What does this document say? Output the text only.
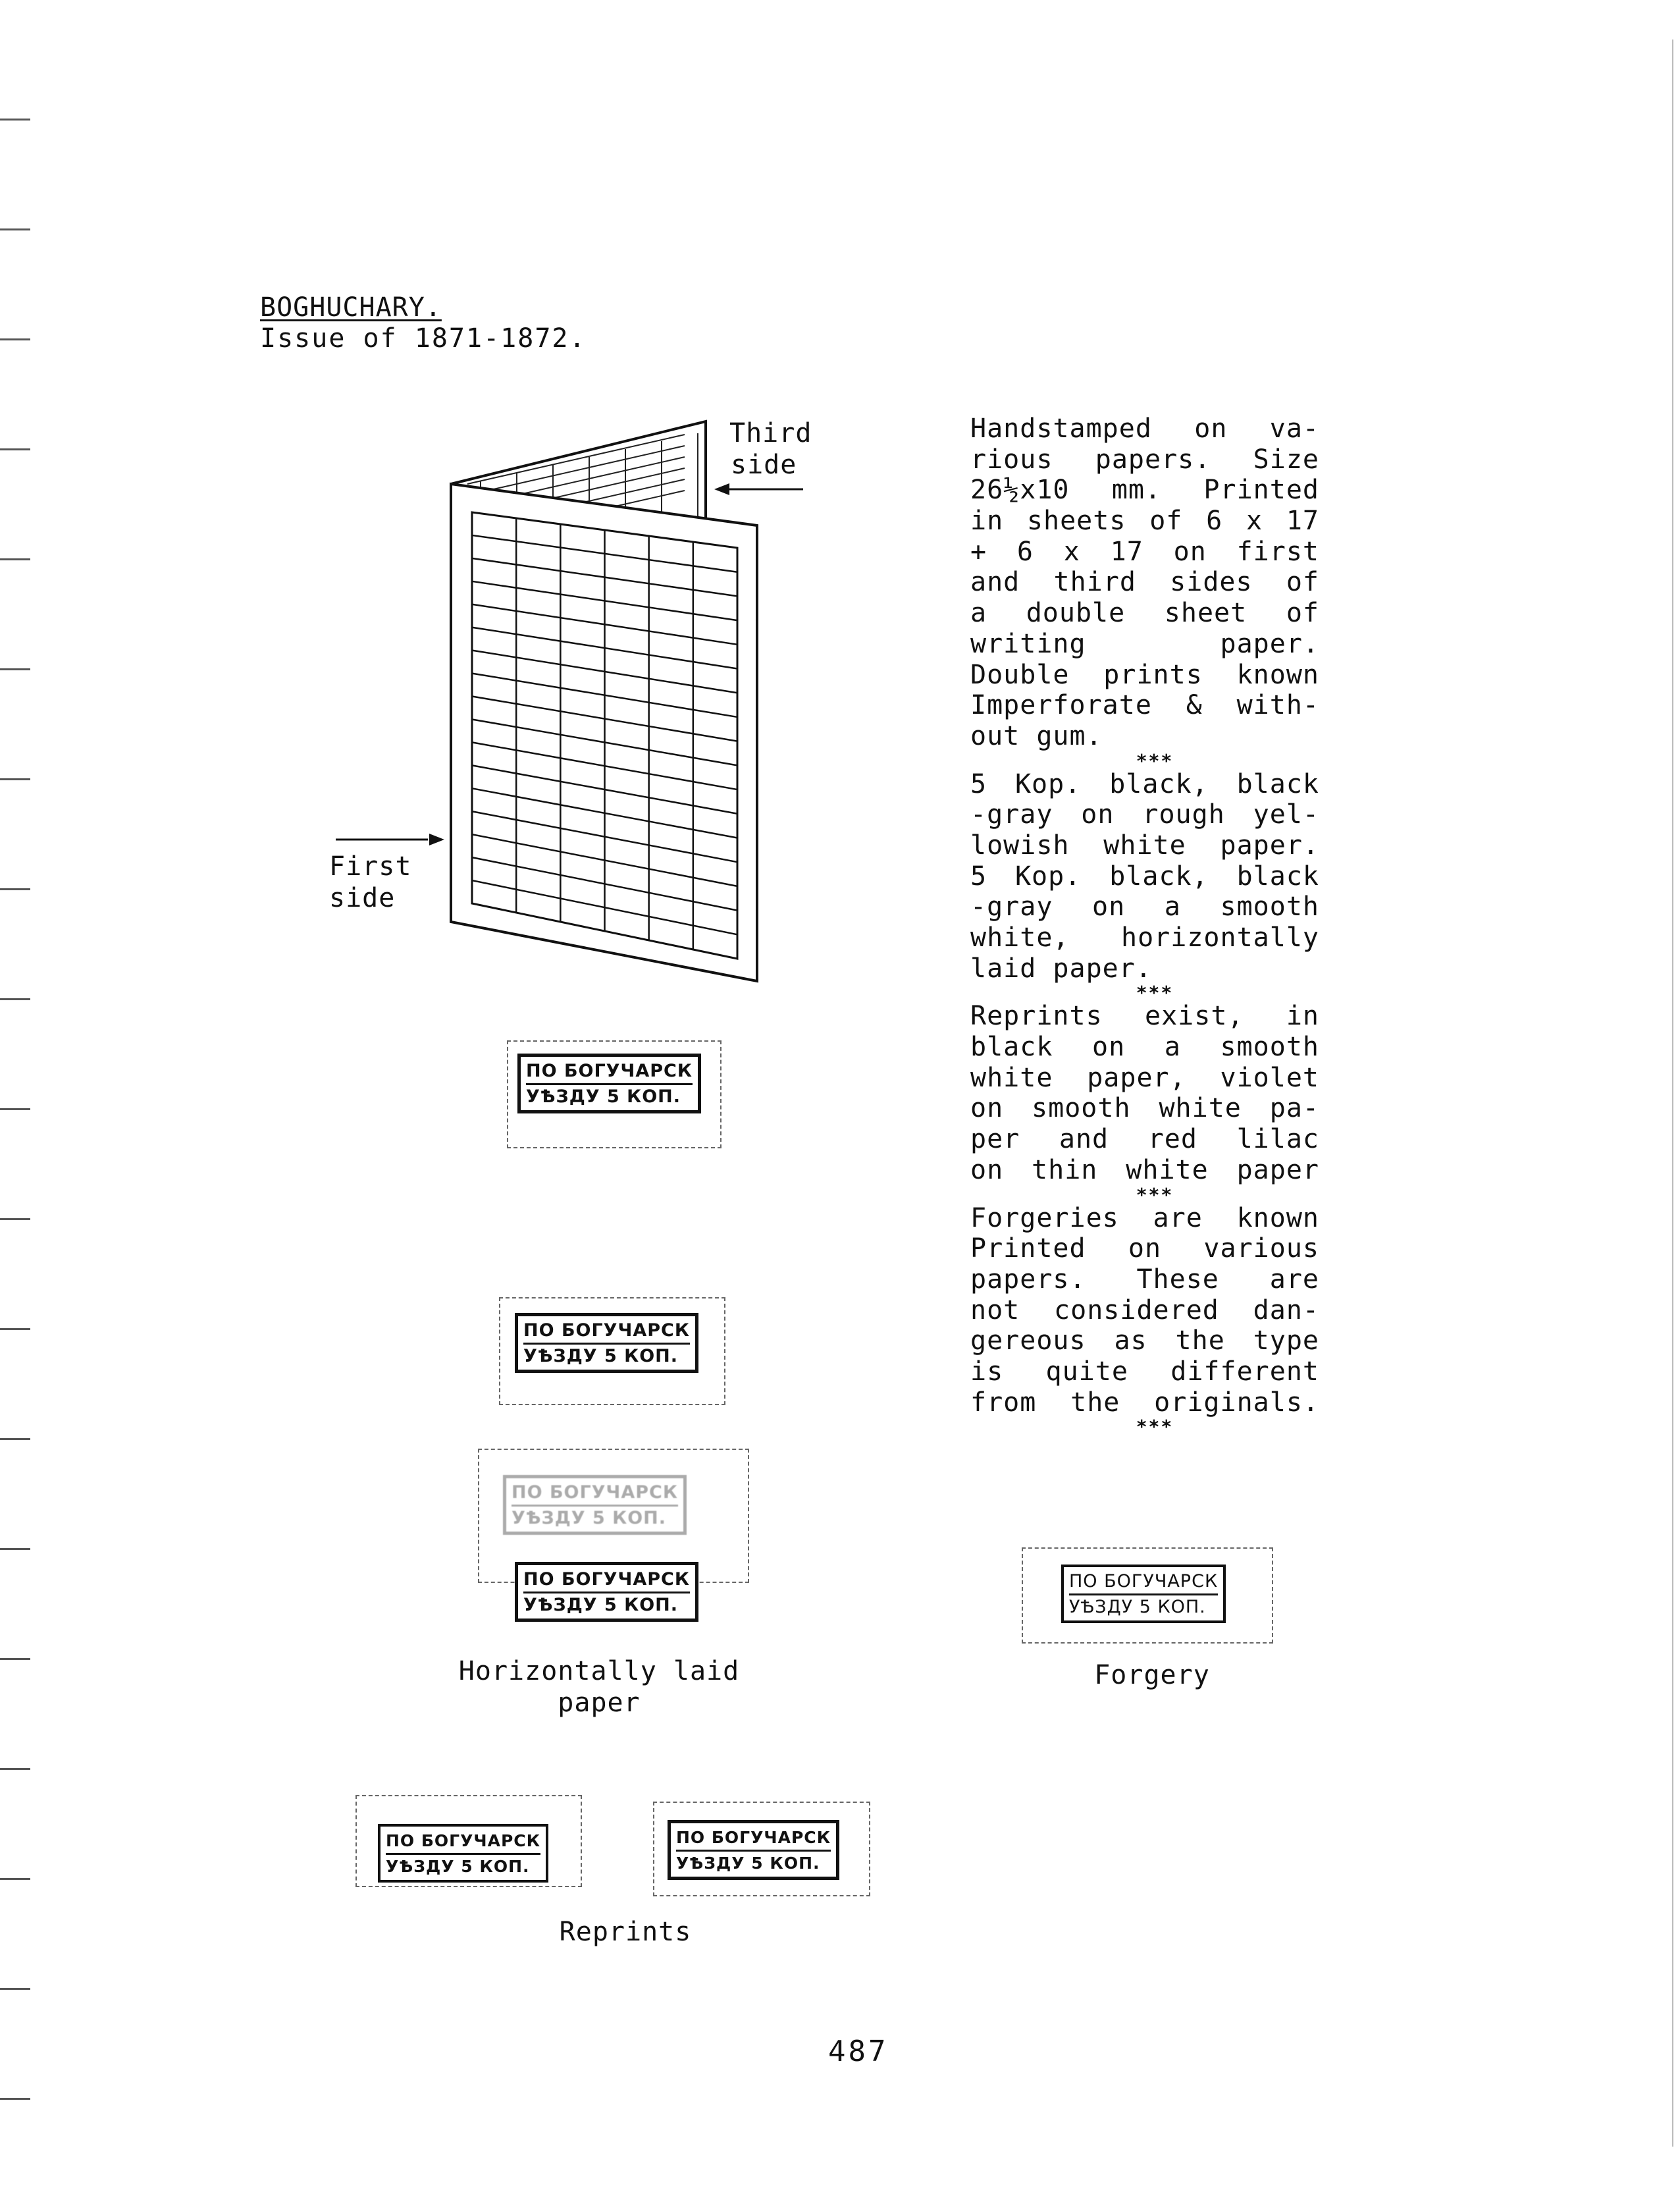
BOGHUCHARY.
Issue of 1871-1872.
Third
side
First
side
Handstamped on va-
rious papers. Size
26½x10 mm. Printed
in sheets of 6 x 17
+ 6 x 17 on first
and third sides of
a double sheet of
writing paper.
Double prints known
Imperforate & with-
out gum.
***
5 Kop. black, black
-gray on rough yel-
lowish white paper.
5 Kop. black, black
-gray on a smooth
white, horizontally
laid paper.
***
Reprints exist, in
black on a smooth
white paper, violet
on smooth white pa-
per and red lilac
on thin white paper
***
Forgeries are known
Printed on various
papers. These are
not considered dan-
gereous as the type
is quite different
from the originals.
***
ПО БОГУЧАРСК
УѢЗДУ 5 КОП.
ПО БОГУЧАРСК
УѢЗДУ 5 КОП.
ПО БОГУЧАРСК
УѢЗДУ 5 КОП.
ПО БОГУЧАРСК
УѢЗДУ 5 КОП.
ПО БОГУЧАРСК
УѢЗДУ 5 КОП.
ПО БОГУЧАРСК
УѢЗДУ 5 КОП.
ПО БОГУЧАРСК
УѢЗДУ 5 КОП.
Horizontally laid
paper
Forgery
Reprints
487
